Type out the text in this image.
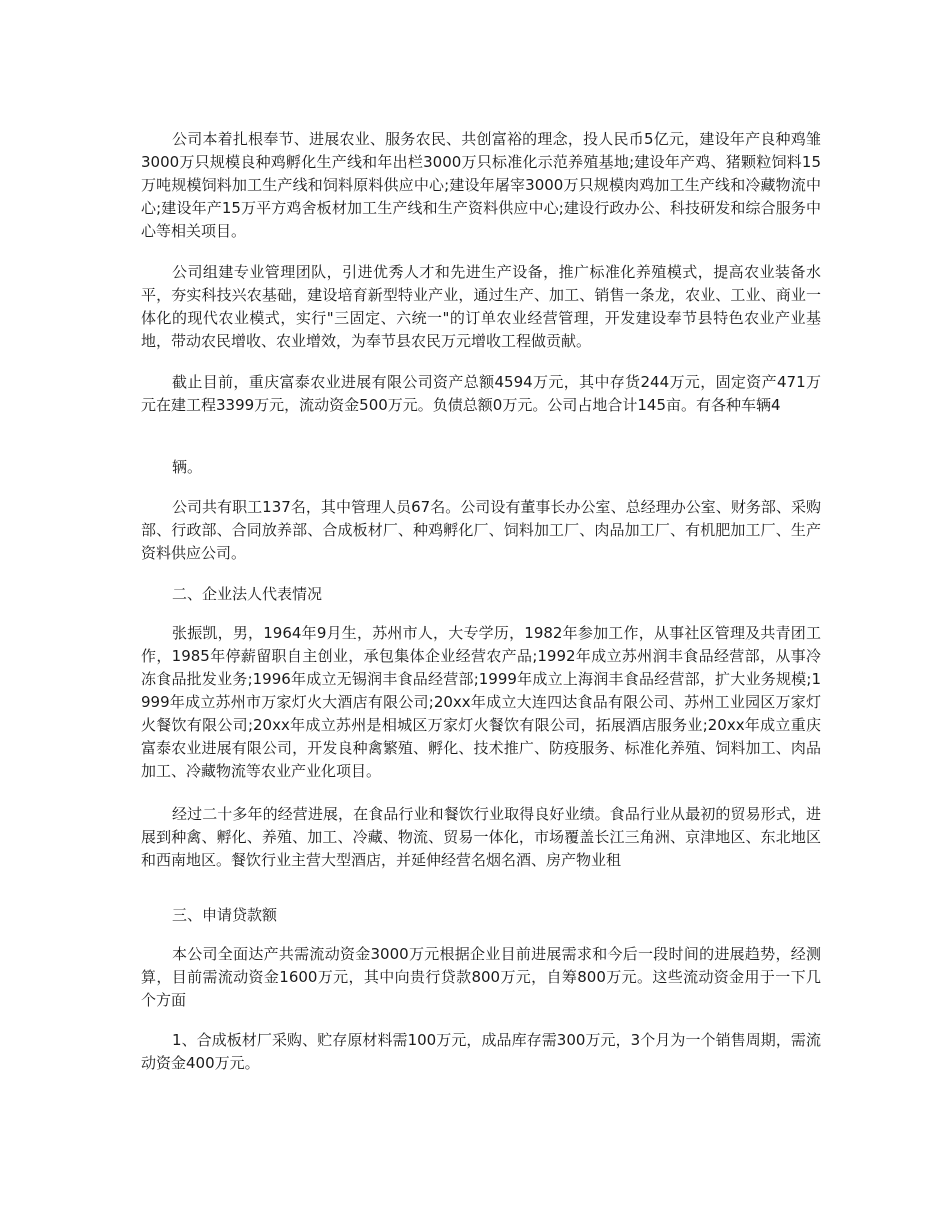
公司本着扎根奉节、进展农业、服务农民、共创富裕的理念，投人民币5亿元，建设年产良种鸡雏3000万只规模良种鸡孵化生产线和年出栏3000万只标准化示范养殖基地;建设年产鸡、猪颗粒饲料15万吨规模饲料加工生产线和饲料原料供应中心;建设年屠宰3000万只规模肉鸡加工生产线和冷藏物流中心;建设年产15万平方鸡舍板材加工生产线和生产资料供应中心;建设行政办公、科技研发和综合服务中心等相关项目。

公司组建专业管理团队，引进优秀人才和先进生产设备，推广标准化养殖模式，提高农业装备水平，夯实科技兴农基础，建设培育新型特业产业，通过生产、加工、销售一条龙，农业、工业、商业一体化的现代农业模式，实行"三固定、六统一"的订单农业经营管理，开发建设奉节县特色农业产业基地，带动农民增收、农业增效，为奉节县农民万元增收工程做贡献。

截止目前，重庆富泰农业进展有限公司资产总额4594万元，其中存货244万元，固定资产471万元在建工程3399万元，流动资金500万元。负债总额0万元。公司占地合计145亩。有各种车辆4

辆。

公司共有职工137名，其中管理人员67名。公司设有董事长办公室、总经理办公室、财务部、采购部、行政部、合同放养部、合成板材厂、种鸡孵化厂、饲料加工厂、肉品加工厂、有机肥加工厂、生产资料供应公司。

二、企业法人代表情况

张振凯，男，1964年9月生，苏州市人，大专学历，1982年参加工作，从事社区管理及共青团工作，1985年停薪留职自主创业，承包集体企业经营农产品;1992年成立苏州润丰食品经营部，从事冷冻食品批发业务;1996年成立无锡润丰食品经营部;1999年成立上海润丰食品经营部，扩大业务规模;1999年成立苏州市万家灯火大酒店有限公司;20xx年成立大连四达食品有限公司、苏州工业园区万家灯火餐饮有限公司;20xx年成立苏州是相城区万家灯火餐饮有限公司，拓展酒店服务业;20xx年成立重庆富泰农业进展有限公司，开发良种禽繁殖、孵化、技术推广、防疫服务、标准化养殖、饲料加工、肉品加工、冷藏物流等农业产业化项目。

经过二十多年的经营进展，在食品行业和餐饮行业取得良好业绩。食品行业从最初的贸易形式，进展到种禽、孵化、养殖、加工、冷藏、物流、贸易一体化，市场覆盖长江三角洲、京津地区、东北地区和西南地区。餐饮行业主营大型酒店，并延伸经营名烟名酒、房产物业租

三、申请贷款额

本公司全面达产共需流动资金3000万元根据企业目前进展需求和今后一段时间的进展趋势，经测算，目前需流动资金1600万元，其中向贵行贷款800万元，自筹800万元。这些流动资金用于一下几个方面

1、合成板材厂采购、贮存原材料需100万元，成品库存需300万元，3个月为一个销售周期，需流动资金400万元。
